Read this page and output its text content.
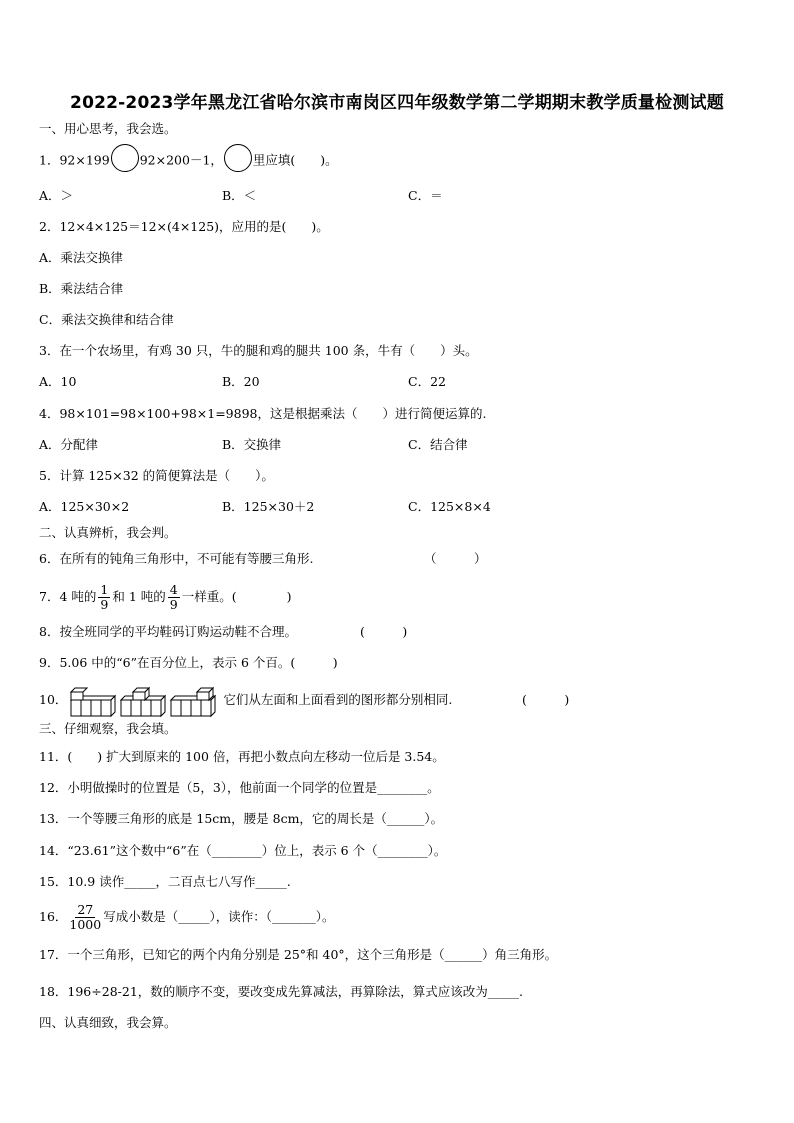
2022-2023学年黑龙江省哈尔滨市南岗区四年级数学第二学期期末教学质量检测试题
一、用心思考，我会选。
1．92×199 92×200－1， 里应填(　　)。
A．＞	B．＜	C．＝
2．12×4×125＝12×(4×125)，应用的是(　　)。
A．乘法交换律
B．乘法结合律
C．乘法交换律和结合律
3．在一个农场里，有鸡 30 只，牛的腿和鸡的腿共 100 条，牛有（　　）头。
A．10	B．20	C．22
4．98×101=98×100+98×1=9898，这是根据乘法（　　）进行简便运算的.
A．分配律	B．交换律	C．结合律
5．计算 125×32 的简便算法是（　　）。
A．125×30×2	B．125×30＋2	C．125×8×4
二、认真辨析，我会判。
6．在所有的钝角三角形中，不可能有等腰三角形.	（　　　）
7．4 吨的 $\frac{1}{9}$ 和 1 吨的 $\frac{4}{9}$ 一样重。(　　　　)
8．按全班同学的平均鞋码订购运动鞋不合理。	(　　　)
9．5.06 中的“6”在百分位上，表示 6 个百。(　　　)
10．	它们从左面和上面看到的图形都分别相同.	(　　　)
三、仔细观察，我会填。
11．(　　) 扩大到原来的 100 倍，再把小数点向左移动一位后是 3.54。
12．小明做操时的位置是（5，3），他前面一个同学的位置是________。
13．一个等腰三角形的底是 15cm，腰是 8cm，它的周长是（______）。
14．“23.61”这个数中“6”在（________）位上，表示 6 个（________）。
15．10.9 读作_____，二百点七八写作_____.
16． $\frac{27}{1000}$ 写成小数是（_____），读作：（_______）。
17．一个三角形，已知它的两个内角分别是 25°和 40°，这个三角形是（______）角三角形。
18．196÷28-21，数的顺序不变，要改变成先算减法，再算除法，算式应该改为_____.
四、认真细致，我会算。
